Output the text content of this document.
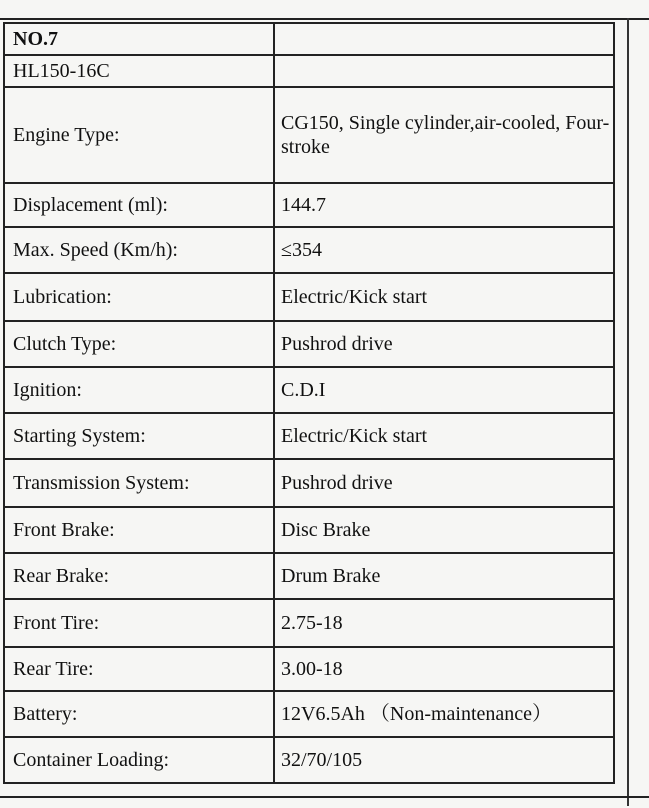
NO.7	
HL150-16C	
Engine Type:	CG150, Single cylinder,air-cooled, Four-stroke
Displacement (ml):	144.7
Max. Speed (Km/h):	≤354
Lubrication:	Electric/Kick start
Clutch Type:	Pushrod drive
Ignition:	C.D.I
Starting System:	Electric/Kick start
Transmission System:	Pushrod drive
Front Brake:	Disc Brake
Rear Brake:	Drum Brake
Front Tire:	2.75-18
Rear Tire:	3.00-18
Battery:	12V6.5Ah （Non-maintenance）
Container Loading:	32/70/105
